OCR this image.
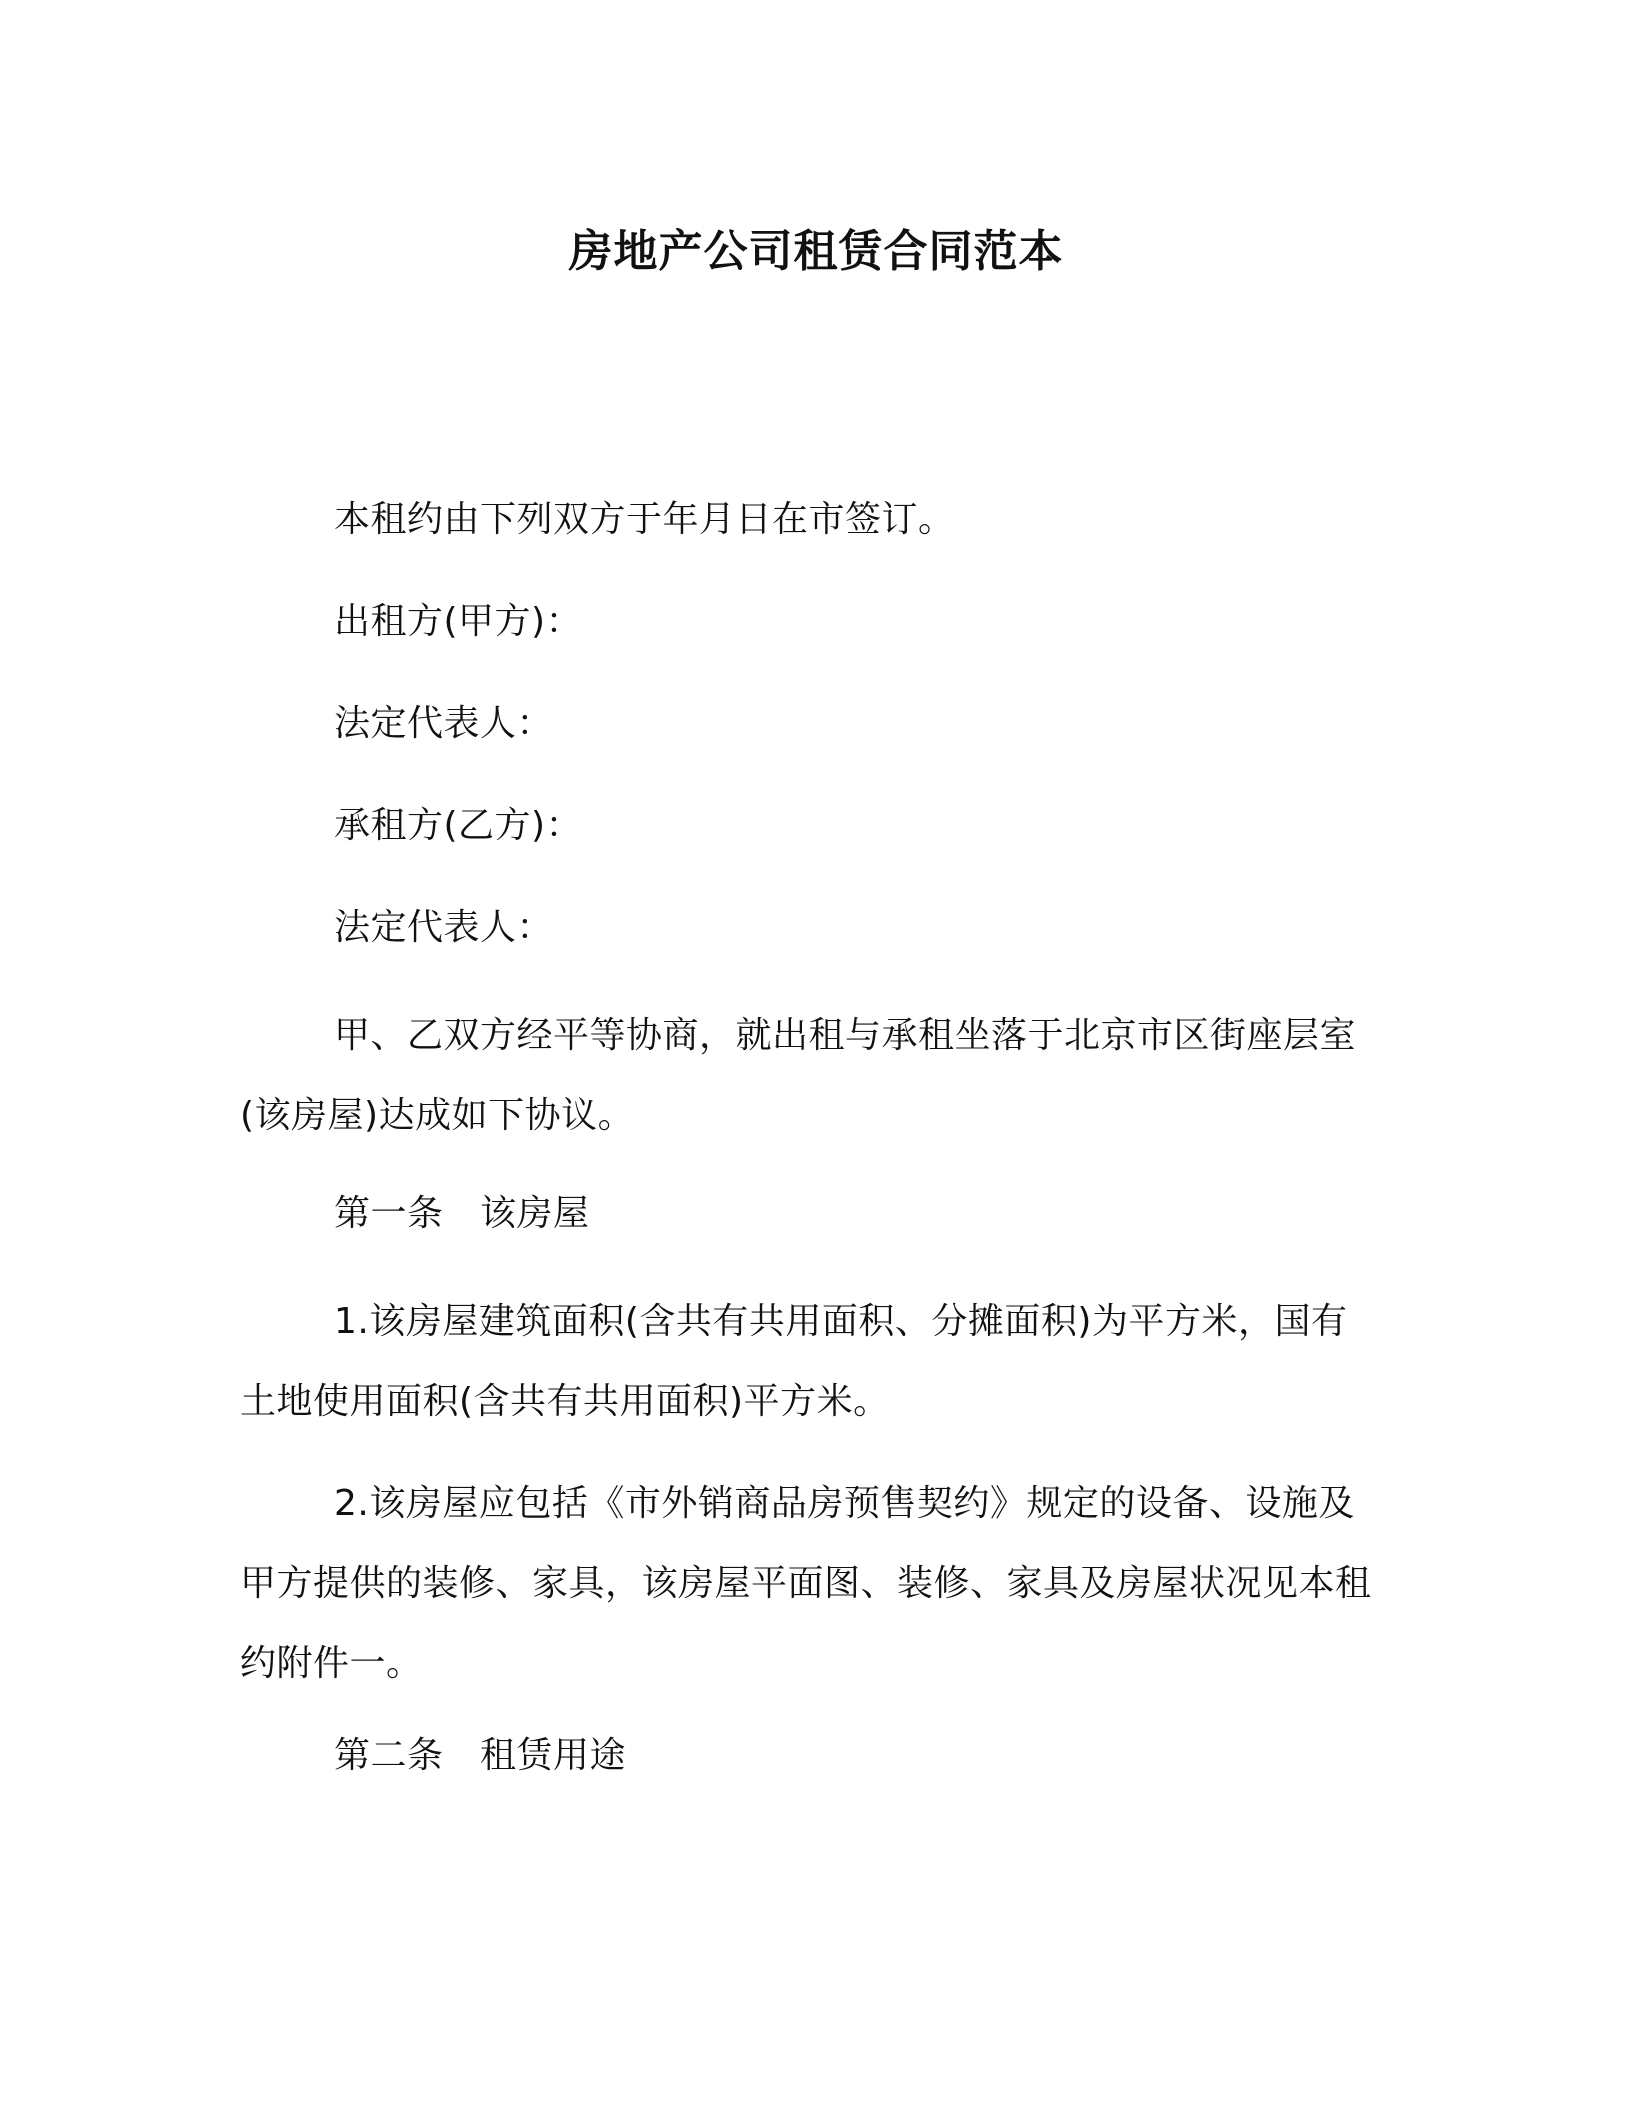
房地产公司租赁合同范本
本租约由下列双方于年月日在市签订。
出租方(甲方)：
法定代表人：
承租方(乙方)：
法定代表人：
甲、乙双方经平等协商，就出租与承租坐落于北京市区街座层室(该房屋)达成如下协议。
第一条　该房屋
1.该房屋建筑面积(含共有共用面积、分摊面积)为平方米，国有土地使用面积(含共有共用面积)平方米。
2.该房屋应包括《市外销商品房预售契约》规定的设备、设施及甲方提供的装修、家具，该房屋平面图、装修、家具及房屋状况见本租约附件一。
第二条　租赁用途
